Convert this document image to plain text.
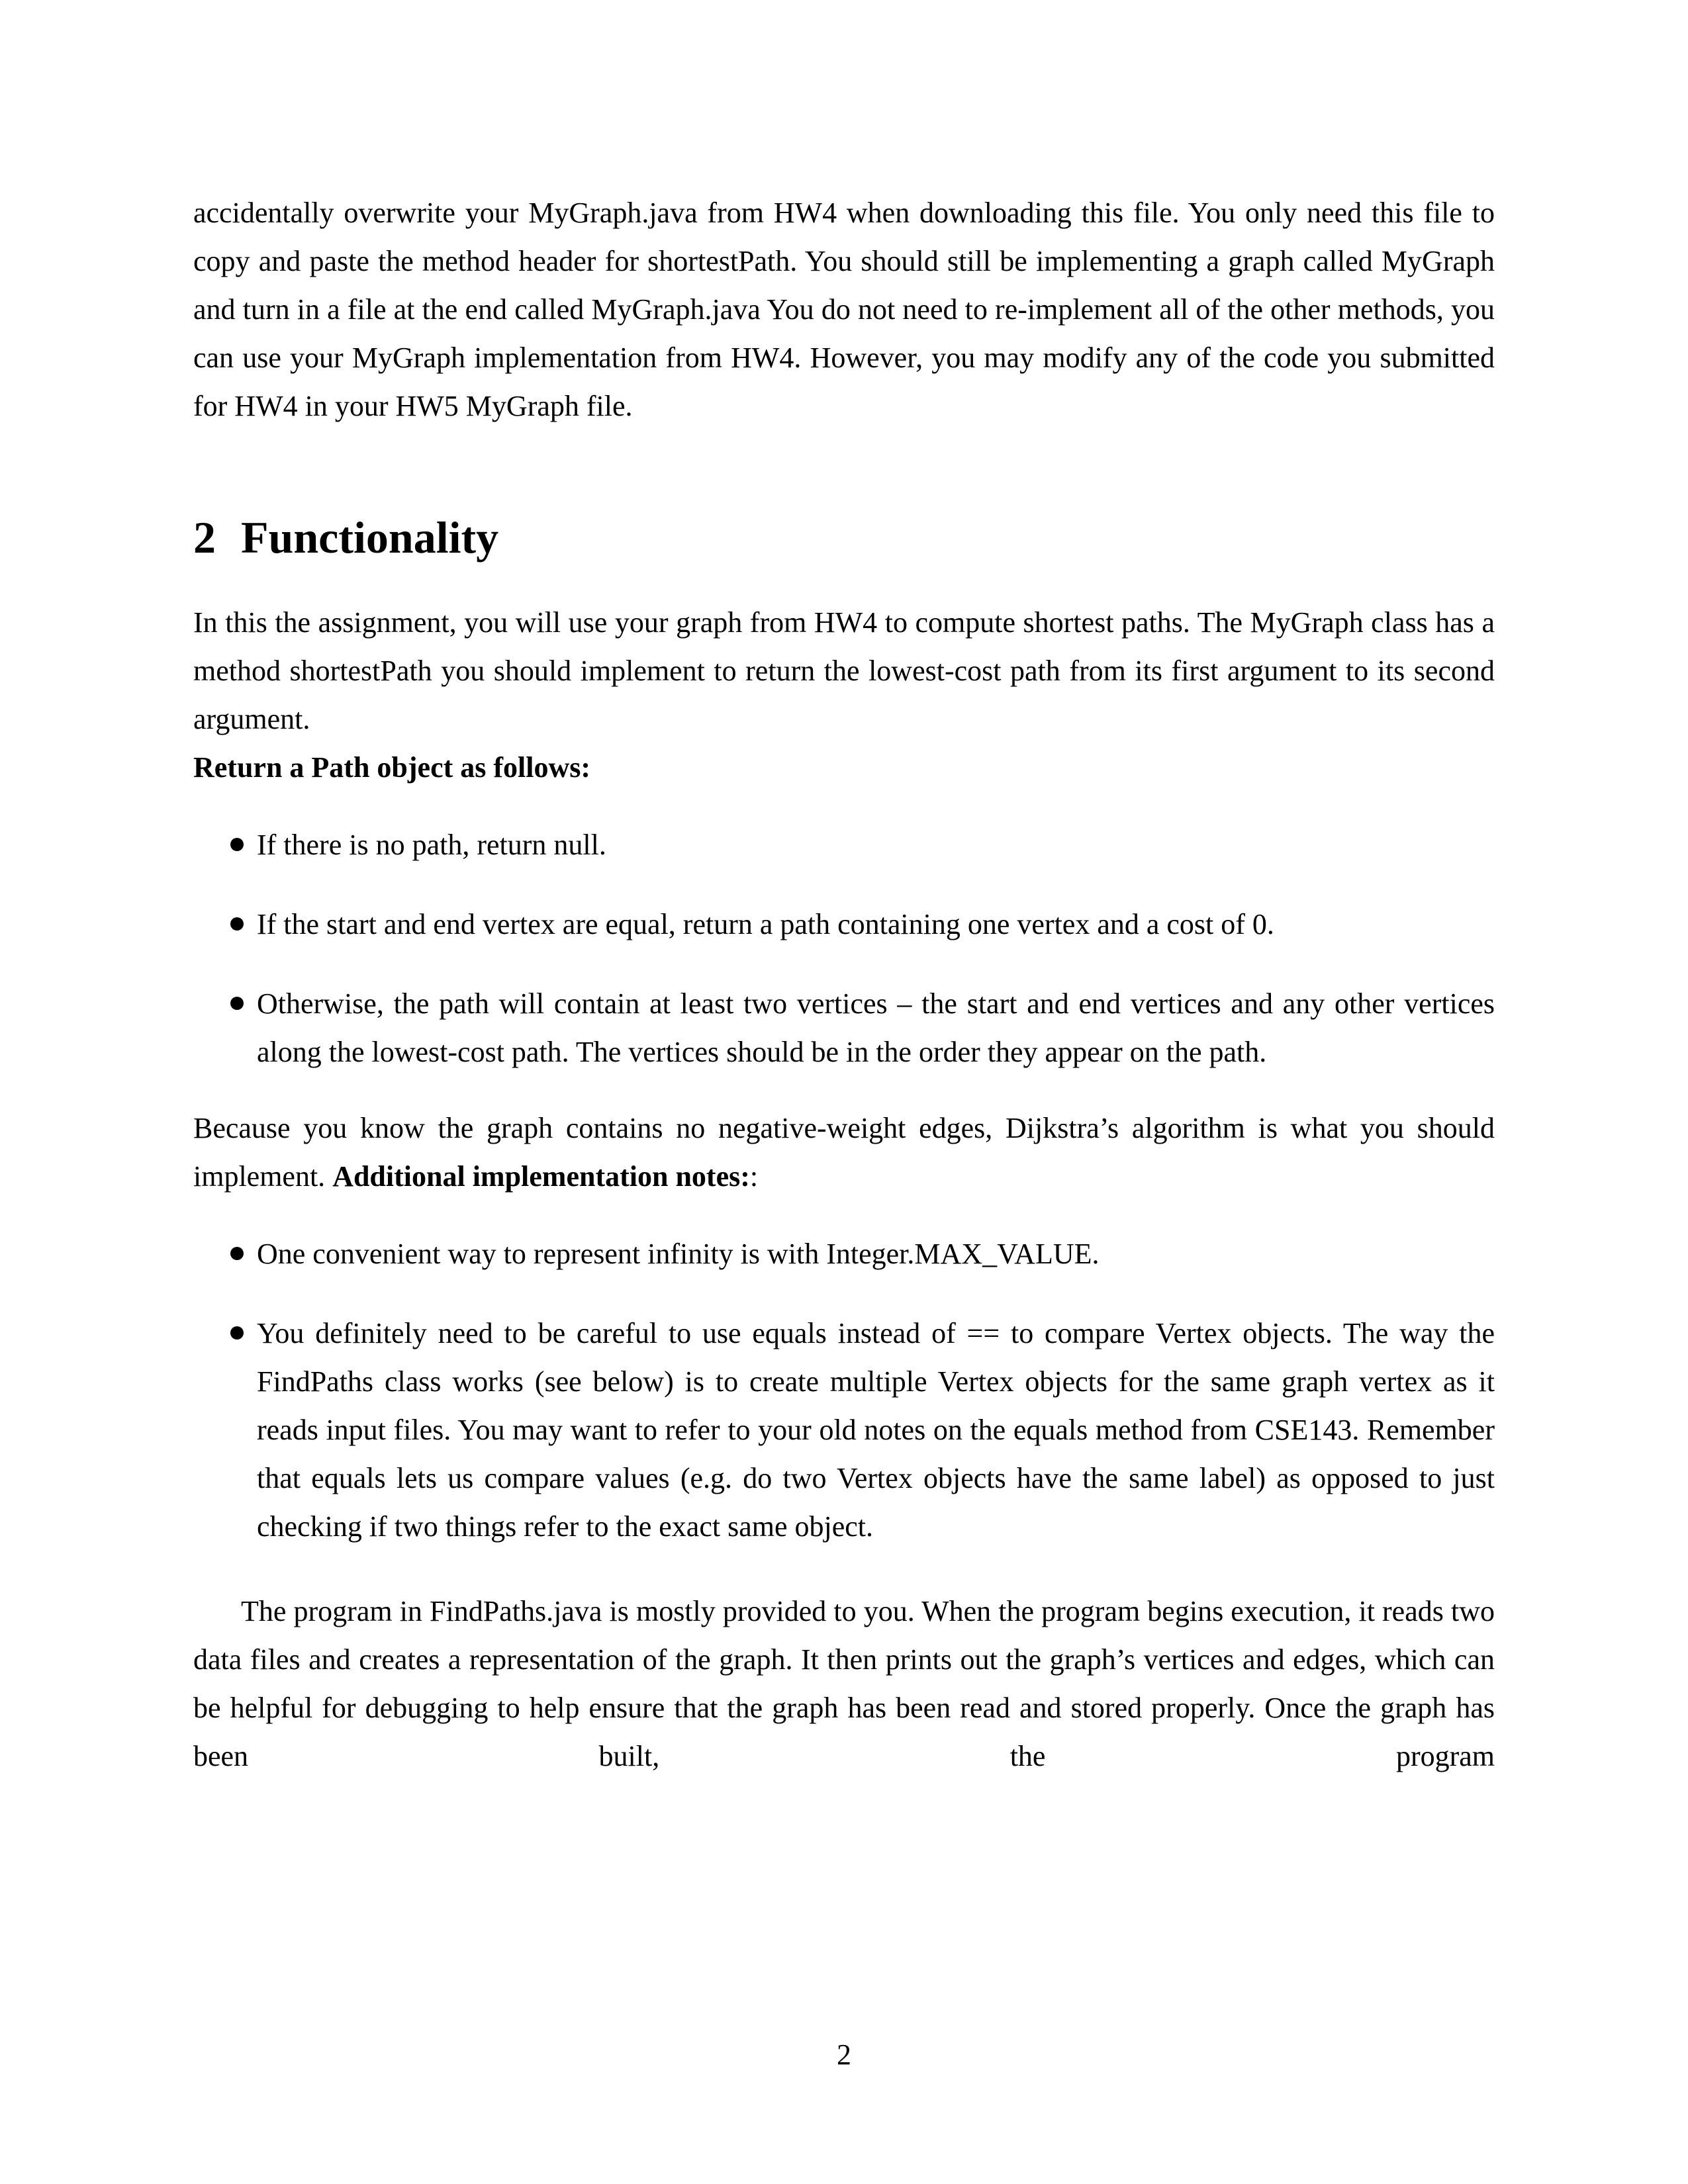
accidentally overwrite your MyGraph.java from HW4 when downloading this file. You only need this file to copy and paste the method header for shortestPath. You should still be implementing a graph called MyGraph and turn in a file at the end called MyGraph.java You do not need to re-implement all of the other methods, you can use your MyGraph implementation from HW4. However, you may modify any of the code you submitted for HW4 in your HW5 MyGraph file.

2 Functionality

In this the assignment, you will use your graph from HW4 to compute shortest paths. The MyGraph class has a method shortestPath you should implement to return the lowest-cost path from its first argument to its second argument.

Return a Path object as follows:

If there is no path, return null.
If the start and end vertex are equal, return a path containing one vertex and a cost of 0.
Otherwise, the path will contain at least two vertices – the start and end vertices and any other vertices along the lowest-cost path. The vertices should be in the order they appear on the path.

Because you know the graph contains no negative-weight edges, Dijkstra’s algorithm is what you should implement. Additional implementation notes::

One convenient way to represent infinity is with Integer.MAX_VALUE.
You definitely need to be careful to use equals instead of == to compare Vertex objects. The way the FindPaths class works (see below) is to create multiple Vertex objects for the same graph vertex as it reads input files. You may want to refer to your old notes on the equals method from CSE143. Remember that equals lets us compare values (e.g. do two Vertex objects have the same label) as opposed to just checking if two things refer to the exact same object.

The program in FindPaths.java is mostly provided to you. When the program begins execution, it reads two data files and creates a representation of the graph. It then prints out the graph’s vertices and edges, which can be helpful for debugging to help ensure that the graph has been read and stored properly. Once the graph has been built, the program

2
